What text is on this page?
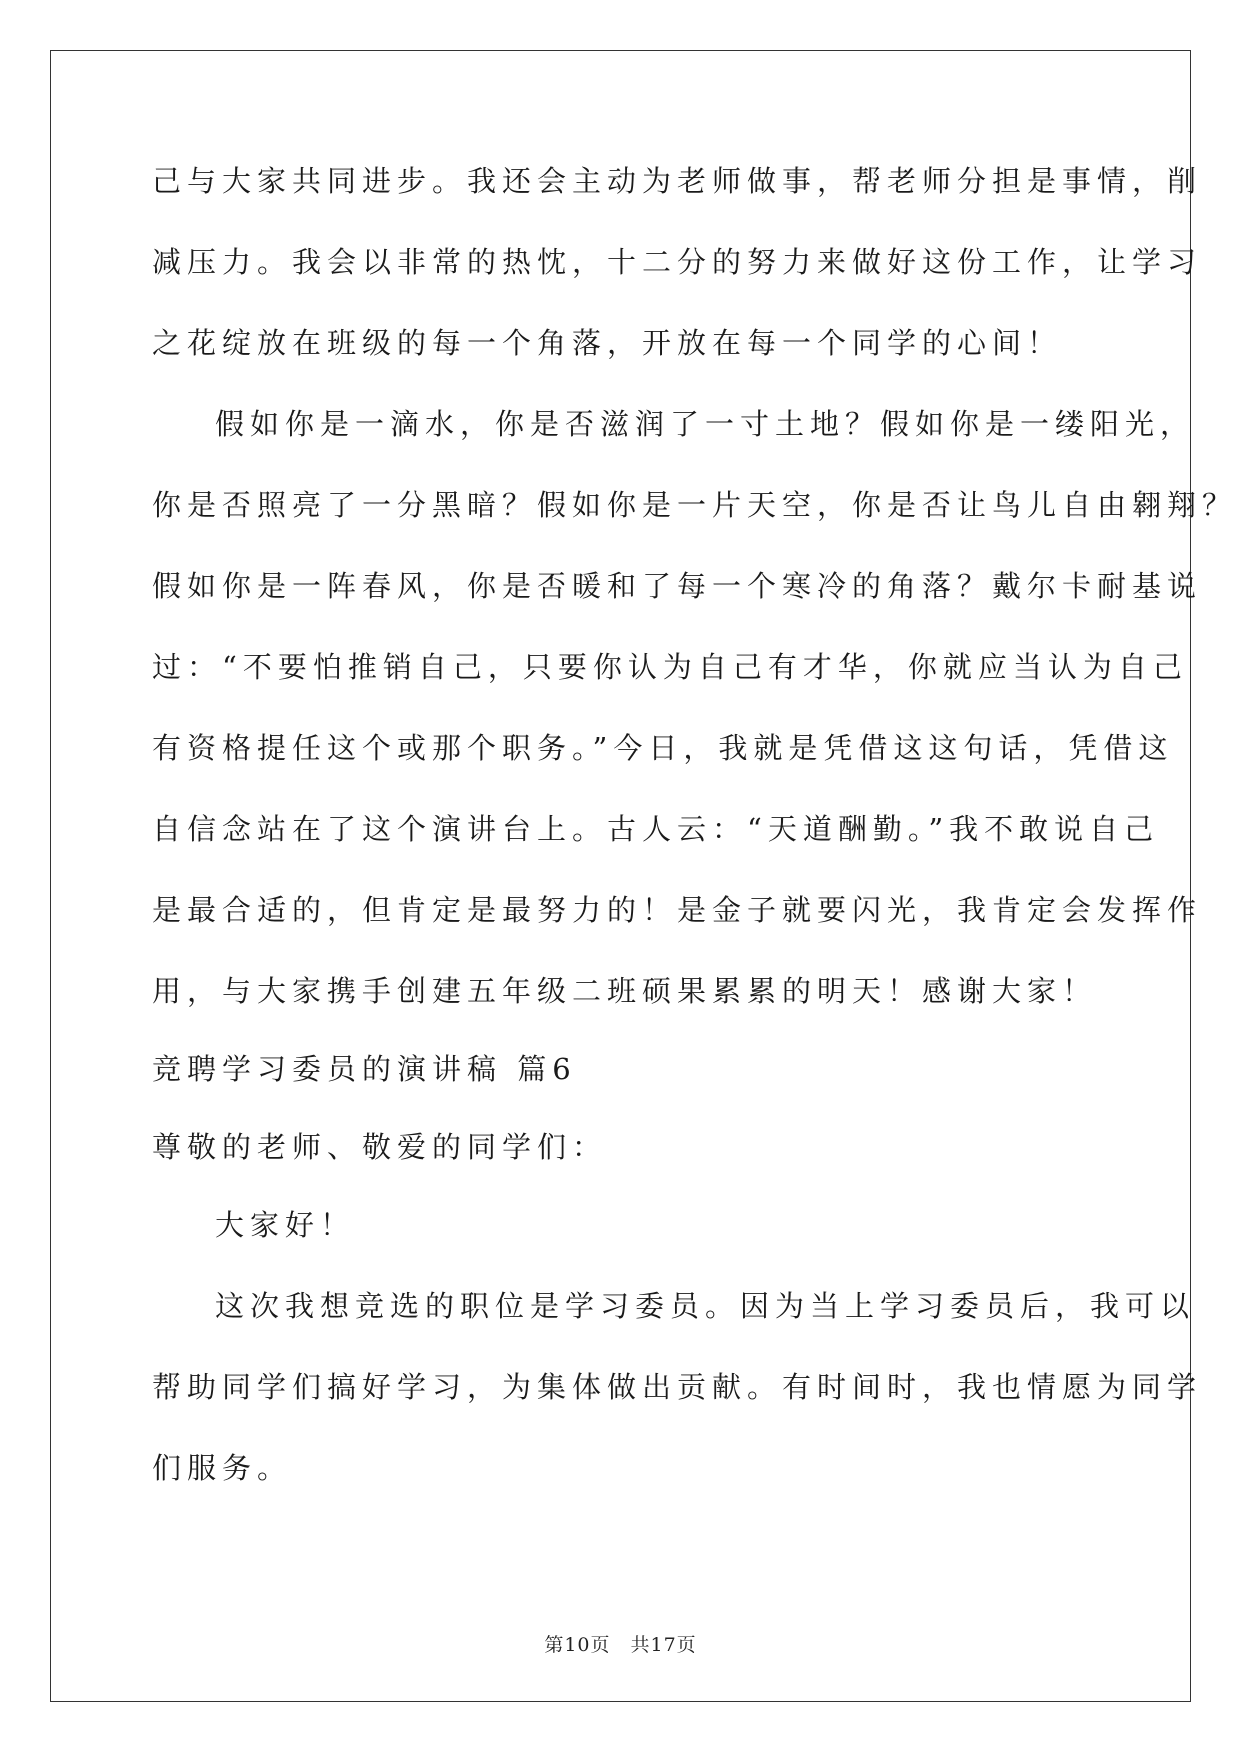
己与大家共同进步。我还会主动为老师做事，帮老师分担是事情，削
减压力。我会以非常的热忱，十二分的努力来做好这份工作，让学习
之花绽放在班级的每一个角落，开放在每一个同学的心间！
假如你是一滴水，你是否滋润了一寸土地？假如你是一缕阳光，
你是否照亮了一分黑暗？假如你是一片天空，你是否让鸟儿自由翱翔？
假如你是一阵春风，你是否暖和了每一个寒冷的角落？戴尔卡耐基说
过：“不要怕推销自己，只要你认为自己有才华，你就应当认为自己
有资格提任这个或那个职务。”今日，我就是凭借这这句话，凭借这
自信念站在了这个演讲台上。古人云：“天道酬勤。”我不敢说自己
是最合适的，但肯定是最努力的！是金子就要闪光，我肯定会发挥作
用，与大家携手创建五年级二班硕果累累的明天！感谢大家！
竞聘学习委员的演讲稿 篇6
尊敬的老师、敬爱的同学们：
大家好！
这次我想竞选的职位是学习委员。因为当上学习委员后，我可以
帮助同学们搞好学习，为集体做出贡献。有时间时，我也情愿为同学
们服务。
第10页　共17页
